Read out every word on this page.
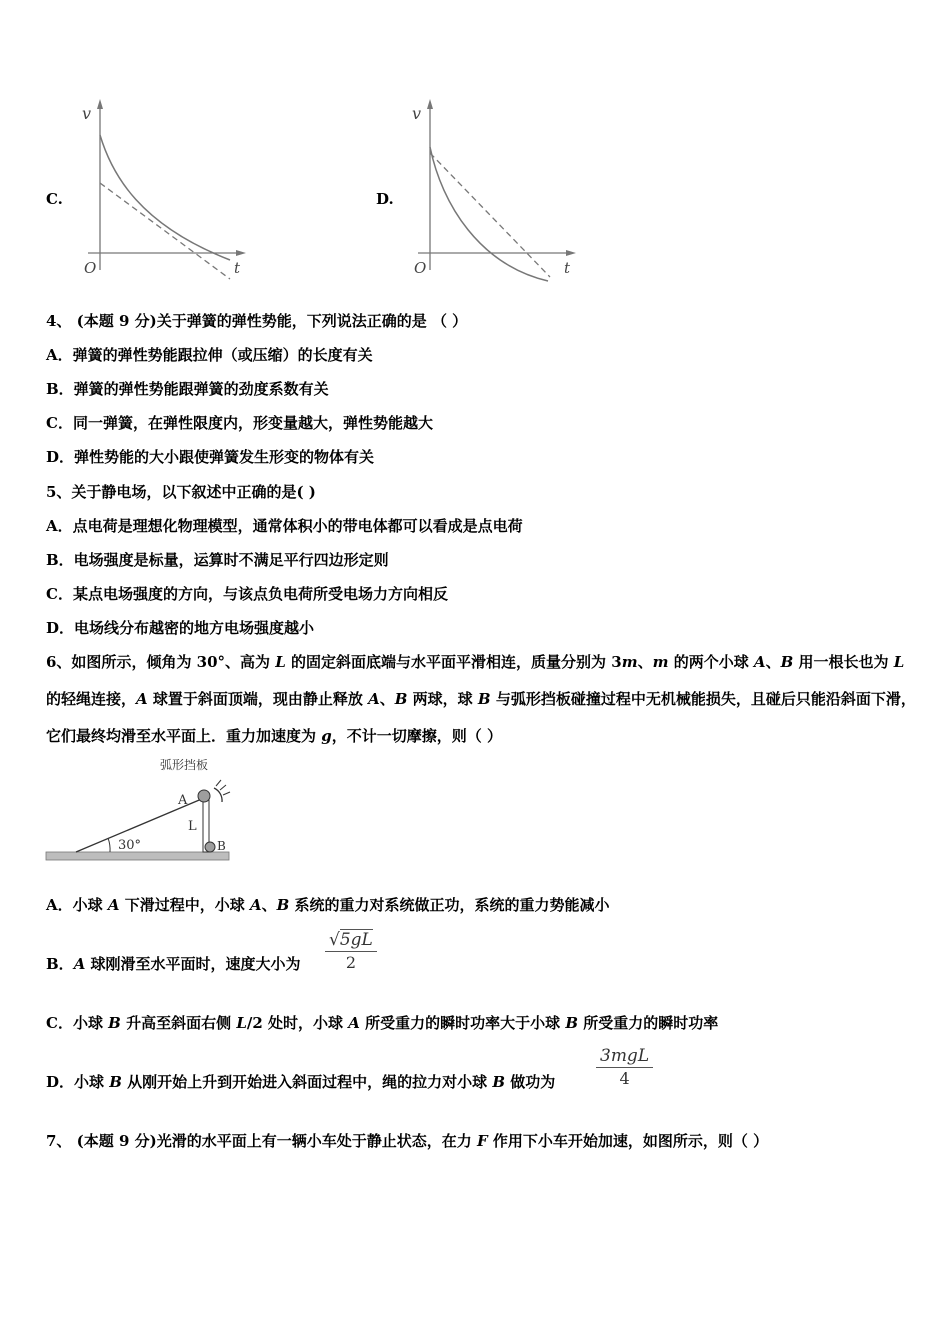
C.
v
t
O
D.
v
t
O
4、 (本题 9 分)关于弹簧的弹性势能，下列说法正确的是 （ ）
A．弹簧的弹性势能跟拉伸（或压缩）的长度有关
B．弹簧的弹性势能跟弹簧的劲度系数有关
C．同一弹簧，在弹性限度内，形变量越大，弹性势能越大
D．弹性势能的大小跟使弹簧发生形变的物体有关
5、关于静电场，以下叙述中正确的是( )
A．点电荷是理想化物理模型，通常体积小的带电体都可以看成是点电荷
B．电场强度是标量，运算时不满足平行四边形定则
C．某点电场强度的方向，与该点负电荷所受电场力方向相反
D．电场线分布越密的地方电场强度越小
6、如图所示，倾角为 30°、高为 L 的固定斜面底端与水平面平滑相连，质量分别为 3m、m 的两个小球 A、B 用一根长也为 L 的轻绳连接，A 球置于斜面顶端，现由静止释放 A、B 两球，球 B 与弧形挡板碰撞过程中无机械能损失，且碰后只能沿斜面下滑，它们最终均滑至水平面上．重力加速度为 g，不计一切摩擦，则（ ）
弧形挡板
30°
A
L
B
A．小球 A 下滑过程中，小球 A、B 系统的重力对系统做正功，系统的重力势能减小
B．A 球刚滑至水平面时，速度大小为
√5gL
2
C．小球 B 升高至斜面右侧 L/2 处时，小球 A 所受重力的瞬时功率大于小球 B 所受重力的瞬时功率
D．小球 B 从刚开始上升到开始进入斜面过程中，绳的拉力对小球 B 做功为
3mgL
4
7、 (本题 9 分)光滑的水平面上有一辆小车处于静止状态，在力 F 作用下小车开始加速，如图所示，则（ ）
